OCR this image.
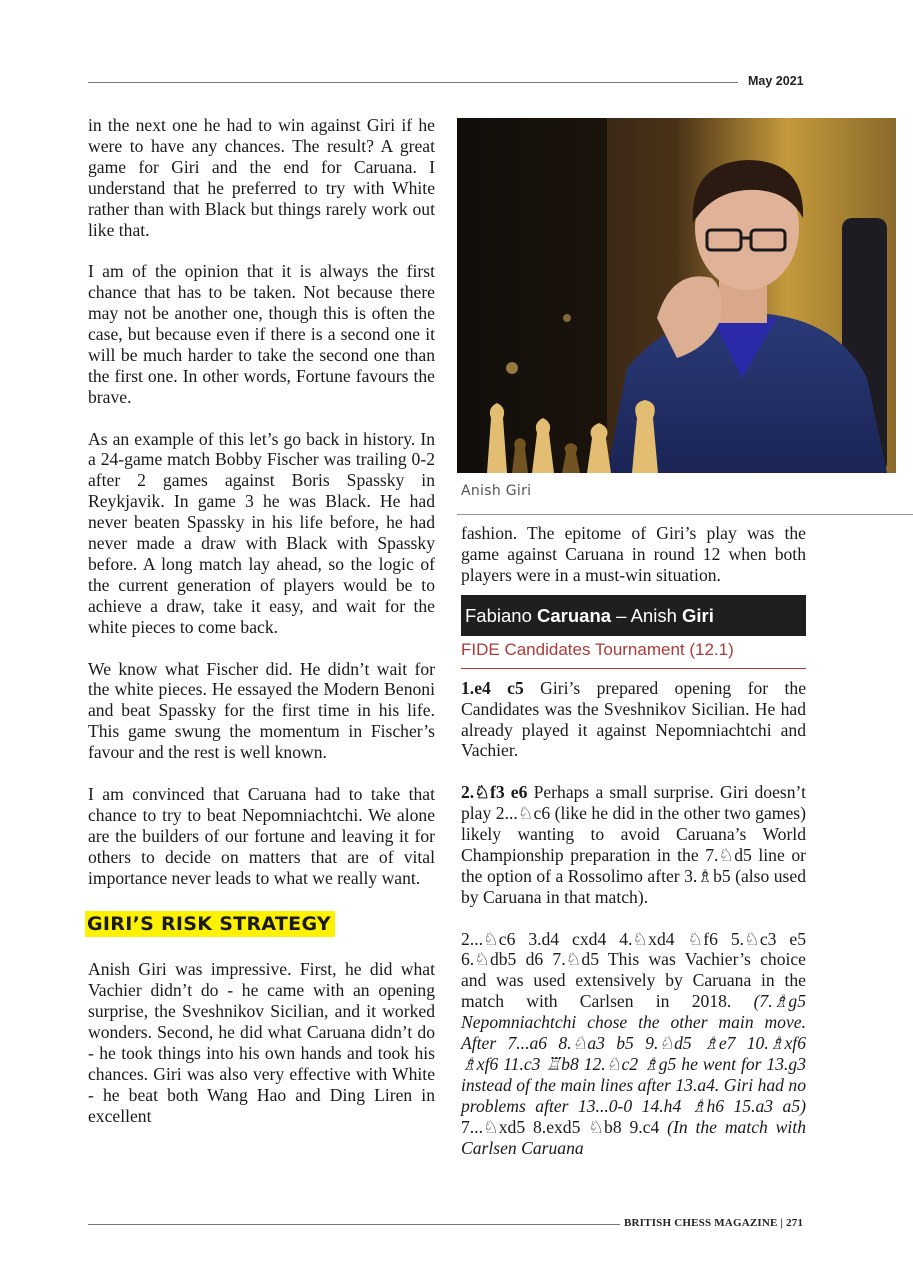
May 2021

in the next one he had to win against Giri if he were to have any chances. The result? A great game for Giri and the end for Caruana. I understand that he preferred to try with White rather than with Black but things rarely work out like that.

I am of the opinion that it is always the first chance that has to be taken. Not because there may not be another one, though this is often the case, but because even if there is a second one it will be much harder to take the second one than the first one. In other words, Fortune favours the brave.

As an example of this let’s go back in history. In a 24-game match Bobby Fischer was trailing 0-2 after 2 games against Boris Spassky in Reykjavik. In game 3 he was Black. He had never beaten Spassky in his life before, he had never made a draw with Black with Spassky before. A long match lay ahead, so the logic of the current generation of players would be to achieve a draw, take it easy, and wait for the white pieces to come back.

We know what Fischer did. He didn’t wait for the white pieces. He essayed the Modern Benoni and beat Spassky for the first time in his life. This game swung the momentum in Fischer’s favour and the rest is well known.

I am convinced that Caruana had to take that chance to try to beat Nepomniachtchi. We alone are the builders of our fortune and leaving it for others to decide on matters that are of vital importance never leads to what we really want.

GIRI’S RISK STRATEGY

Anish Giri was impressive. First, he did what Vachier didn’t do - he came with an opening surprise, the Sveshnikov Sicilian, and it worked wonders. Second, he did what Caruana didn’t do - he took things into his own hands and took his chances. Giri was also very effective with White - he beat both Wang Hao and Ding Liren in excellent

Anish Giri

fashion. The epitome of Giri’s play was the game against Caruana in round 12 when both players were in a must-win situation.

Fabiano Caruana – Anish Giri
FIDE Candidates Tournament (12.1)

1.e4 c5 Giri’s prepared opening for the Candidates was the Sveshnikov Sicilian. He had already played it against Nepomniachtchi and Vachier.

2.♘f3 e6 Perhaps a small surprise. Giri doesn’t play 2...♘c6 (like he did in the other two games) likely wanting to avoid Caruana’s World Championship preparation in the 7.♘d5 line or the option of a Rossolimo after 3.♗b5 (also used by Caruana in that match).

2...♘c6 3.d4 cxd4 4.♘xd4 ♘f6 5.♘c3 e5 6.♘db5 d6 7.♘d5 This was Vachier’s choice and was used extensively by Caruana in the match with Carlsen in 2018. (7.♗g5 Nepomniachtchi chose the other main move. After 7...a6 8.♘a3 b5 9.♘d5 ♗e7 10.♗xf6 ♗xf6 11.c3 ♖b8 12.♘c2 ♗g5 he went for 13.g3 instead of the main lines after 13.a4. Giri had no problems after 13...0-0 14.h4 ♗h6 15.a3 a5) 7...♘xd5 8.exd5 ♘b8 9.c4 (In the match with Carlsen Caruana

BRITISH CHESS MAGAZINE | 271
